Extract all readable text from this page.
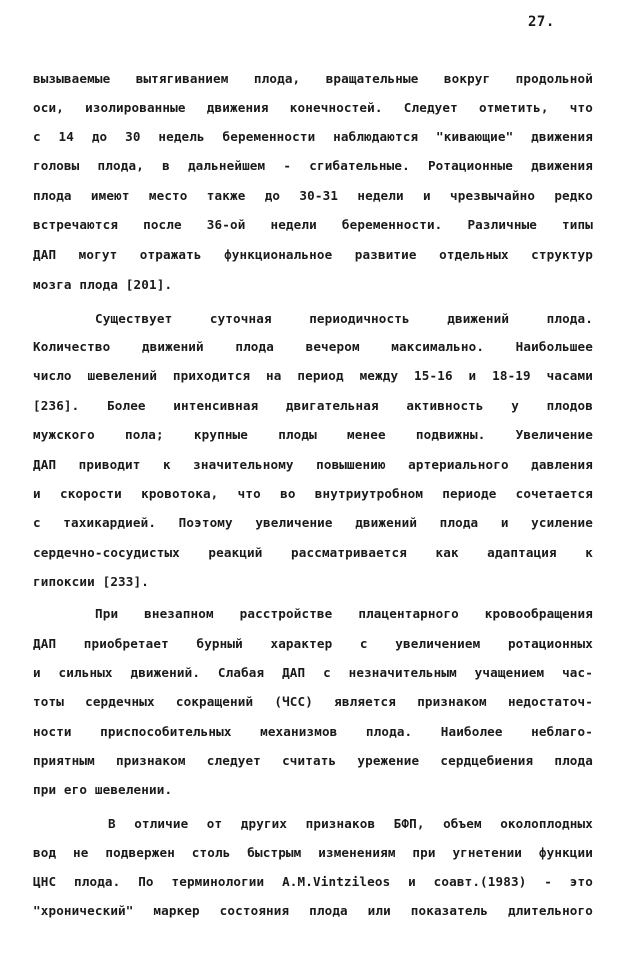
27.
вызываемые вытягиванием плода, вращательные вокруг продольной
оси, изолированные движения конечностей. Следует отметить, что
с 14 до 30 недель беременности наблюдаются "кивающие" движения
головы плода, в дальнейшем - сгибательные. Ротационные движения
плода имеют место также до 30-31 недели и чрезвычайно редко
встречаются после 36-ой недели беременности. Различные типы
ДАП могут отражать функциональное развитие отдельных структур
мозга плода [201].
Существует суточная периодичность движений плода.
Количество движений плода вечером максимально. Наибольшее
число шевелений приходится на период между 15-16 и 18-19 часами
[236]. Более интенсивная двигательная активность у плодов
мужского пола; крупные плоды менее подвижны. Увеличение
ДАП приводит к значительному повышению артериального давления
и скорости кровотока, что во внутриутробном периоде сочетается
с тахикардией. Поэтому увеличение движений плода и усиление
сердечно-сосудистых реакций рассматривается как адаптация к
гипоксии [233].
При внезапном расстройстве плацентарного кровообращения
ДАП приобретает бурный характер с увеличением ротационных
и сильных движений. Слабая ДАП с незначительным учащением час-
тоты сердечных сокращений (ЧСС) является признаком недостаточ-
ности приспособительных механизмов плода. Наиболее неблаго-
приятным признаком следует считать урежение сердцебиения плода
при его шевелении.
В отличие от других признаков БФП, объем околоплодных
вод не подвержен столь быстрым изменениям при угнетении функции
ЦНС плода. По терминологии A.M.Vintzileos и соавт.(1983) - это
"хронический" маркер состояния плода или показатель длительного
